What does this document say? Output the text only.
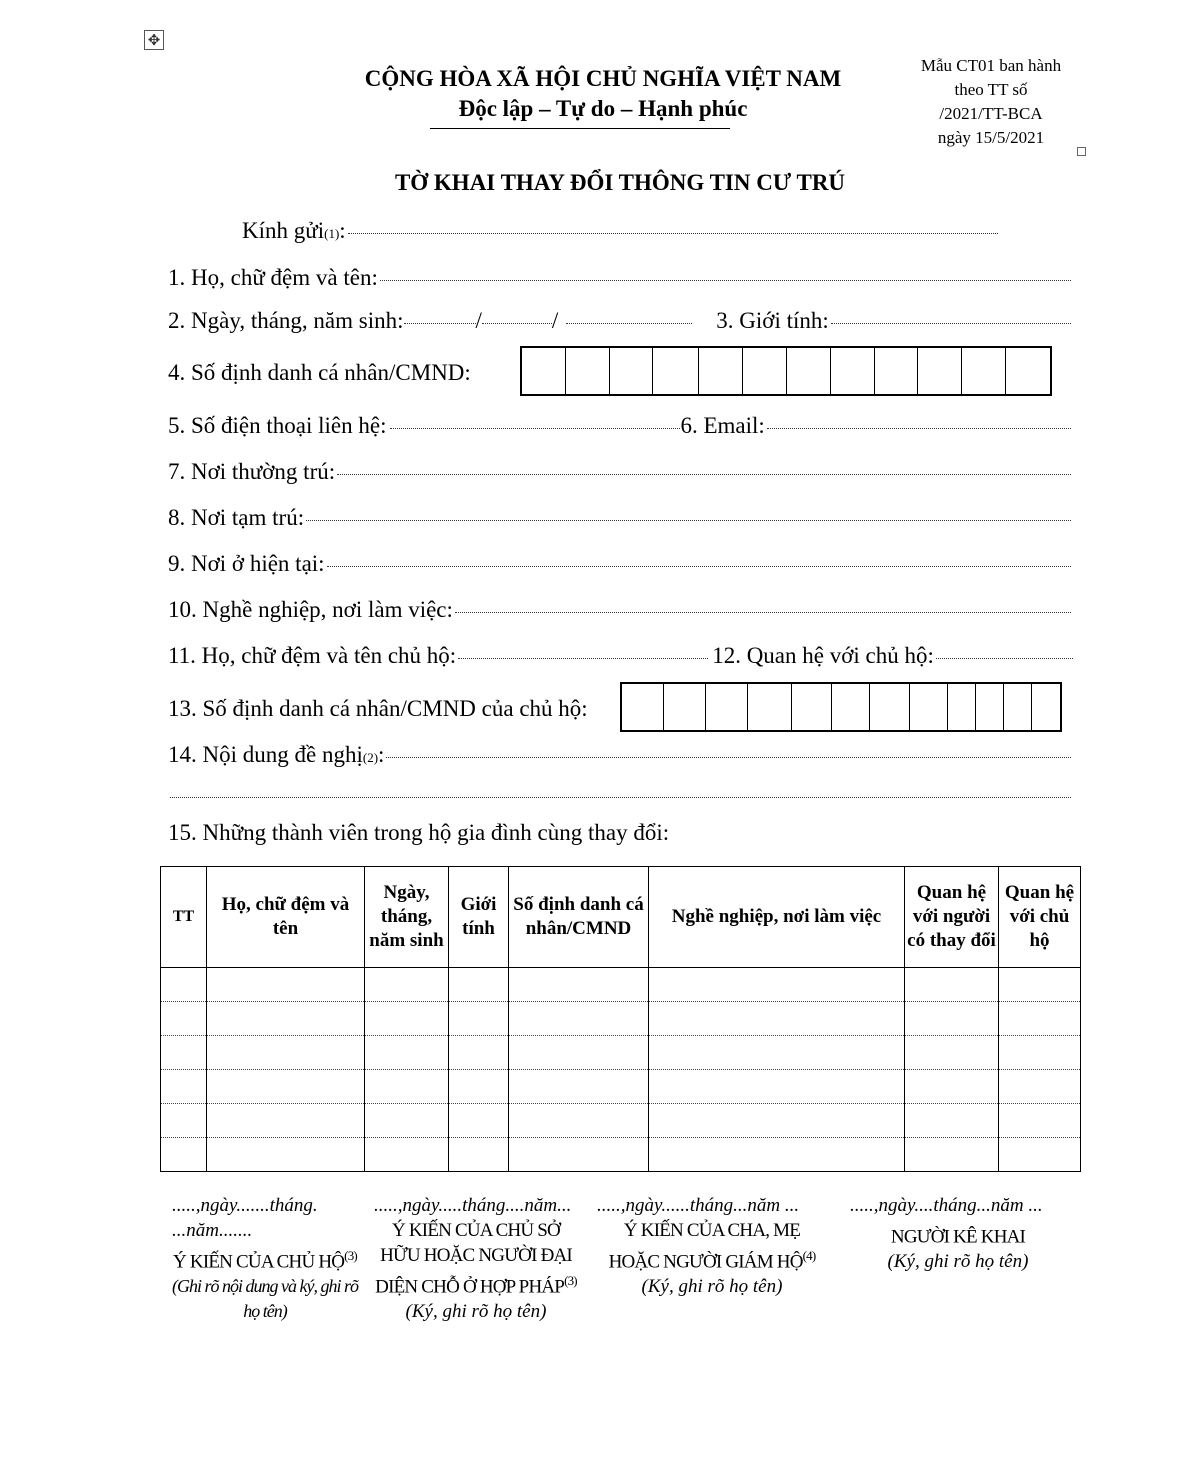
✥
CỘNG HÒA XÃ HỘI CHỦ NGHĨA VIỆT NAM
Độc lập – Tự do – Hạnh phúc
Mẫu CT01 ban hành
theo TT số
/2021/TT-BCA
ngày 15/5/2021
TỜ KHAI THAY ĐỔI THÔNG TIN CƯ TRÚ
Kính gửi (1) :
1. Họ, chữ đệm và tên:
2. Ngày, tháng, năm sinh:	/	/	3. Giới tính:
4. Số định danh cá nhân/CMND:
5. Số điện thoại liên hệ:	6. Email:
7. Nơi thường trú:
8. Nơi tạm trú:
9. Nơi ở hiện tại:
10. Nghề nghiệp, nơi làm việc:
11. Họ, chữ đệm và tên chủ hộ:	12. Quan hệ với chủ hộ:
13. Số định danh cá nhân/CMND của chủ hộ:
14. Nội dung đề nghị (2) :
15. Những thành viên trong hộ gia đình cùng thay đổi:
TT	Họ, chữ đệm và tên	Ngày, tháng, năm sinh	Giới tính	Số định danh cá nhân/CMND	Nghề nghiệp, nơi làm việc	Quan hệ với người có thay đổi	Quan hệ với chủ hộ

.....,ngày.......tháng. ...năm.......
Ý KIẾN CỦA CHỦ HỘ$^{(3)}$
(Ghi rõ nội dung và ký, ghi rõ họ tên)
.....,ngày.....tháng....năm...
Ý KIẾN CỦA CHỦ SỞ HỮU HOẶC NGƯỜI ĐẠI DIỆN CHỖ Ở HỢP PHÁP$^{(3)}$
(Ký, ghi rõ họ tên)
.....,ngày......tháng...năm ...
Ý KIẾN CỦA CHA, MẸ HOẶC NGƯỜI GIÁM HỘ$^{(4)}$
(Ký, ghi rõ họ tên)
.....,ngày....tháng...năm ...
NGƯỜI KÊ KHAI
(Ký, ghi rõ họ tên)
